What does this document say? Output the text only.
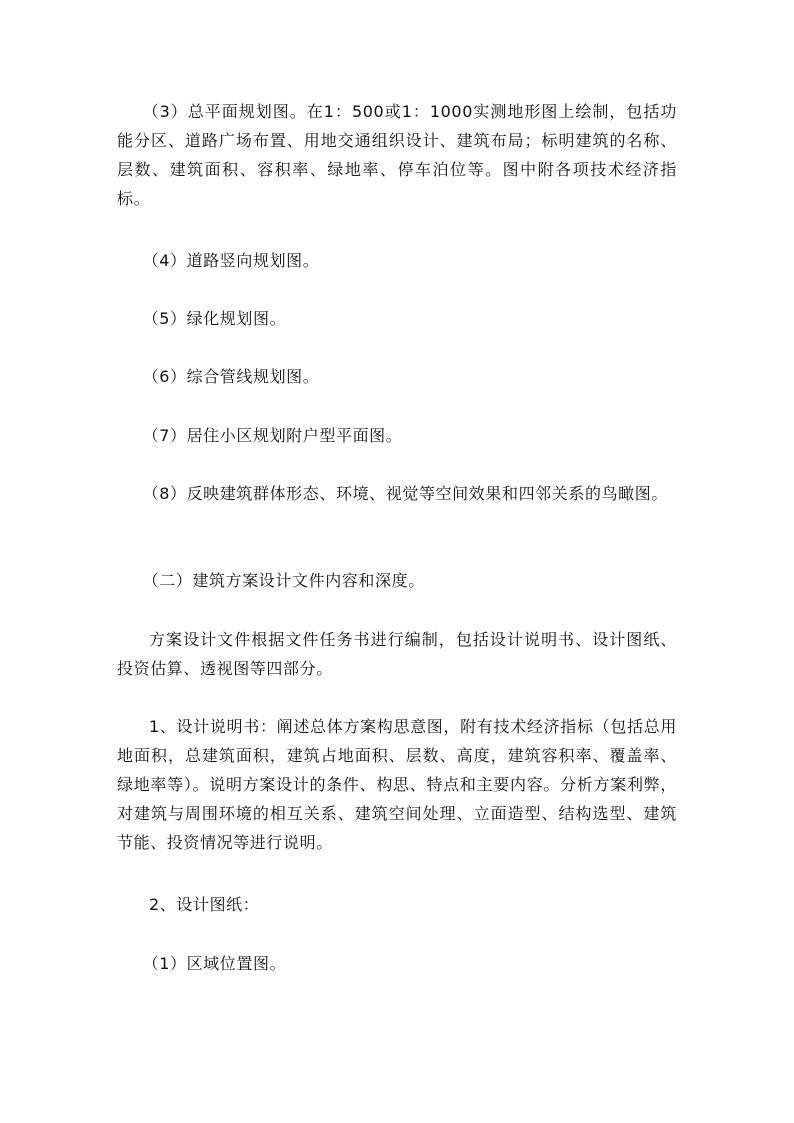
（3）总平面规划图。在1：500或1：1000实测地形图上绘制，包括功能分区、道路广场布置、用地交通组织设计、建筑布局；标明建筑的名称、层数、建筑面积、容积率、绿地率、停车泊位等。图中附各项技术经济指标。

（4）道路竖向规划图。

（5）绿化规划图。

（6）综合管线规划图。

（7）居住小区规划附户型平面图。

（8）反映建筑群体形态、环境、视觉等空间效果和四邻关系的鸟瞰图。

（二）建筑方案设计文件内容和深度。

方案设计文件根据文件任务书进行编制，包括设计说明书、设计图纸、投资估算、透视图等四部分。

1、设计说明书：阐述总体方案构思意图，附有技术经济指标（包括总用地面积，总建筑面积，建筑占地面积、层数、高度，建筑容积率、覆盖率、绿地率等）。说明方案设计的条件、构思、特点和主要内容。分析方案利弊，对建筑与周围环境的相互关系、建筑空间处理、立面造型、结构选型、建筑节能、投资情况等进行说明。

2、设计图纸：

（1）区域位置图。
